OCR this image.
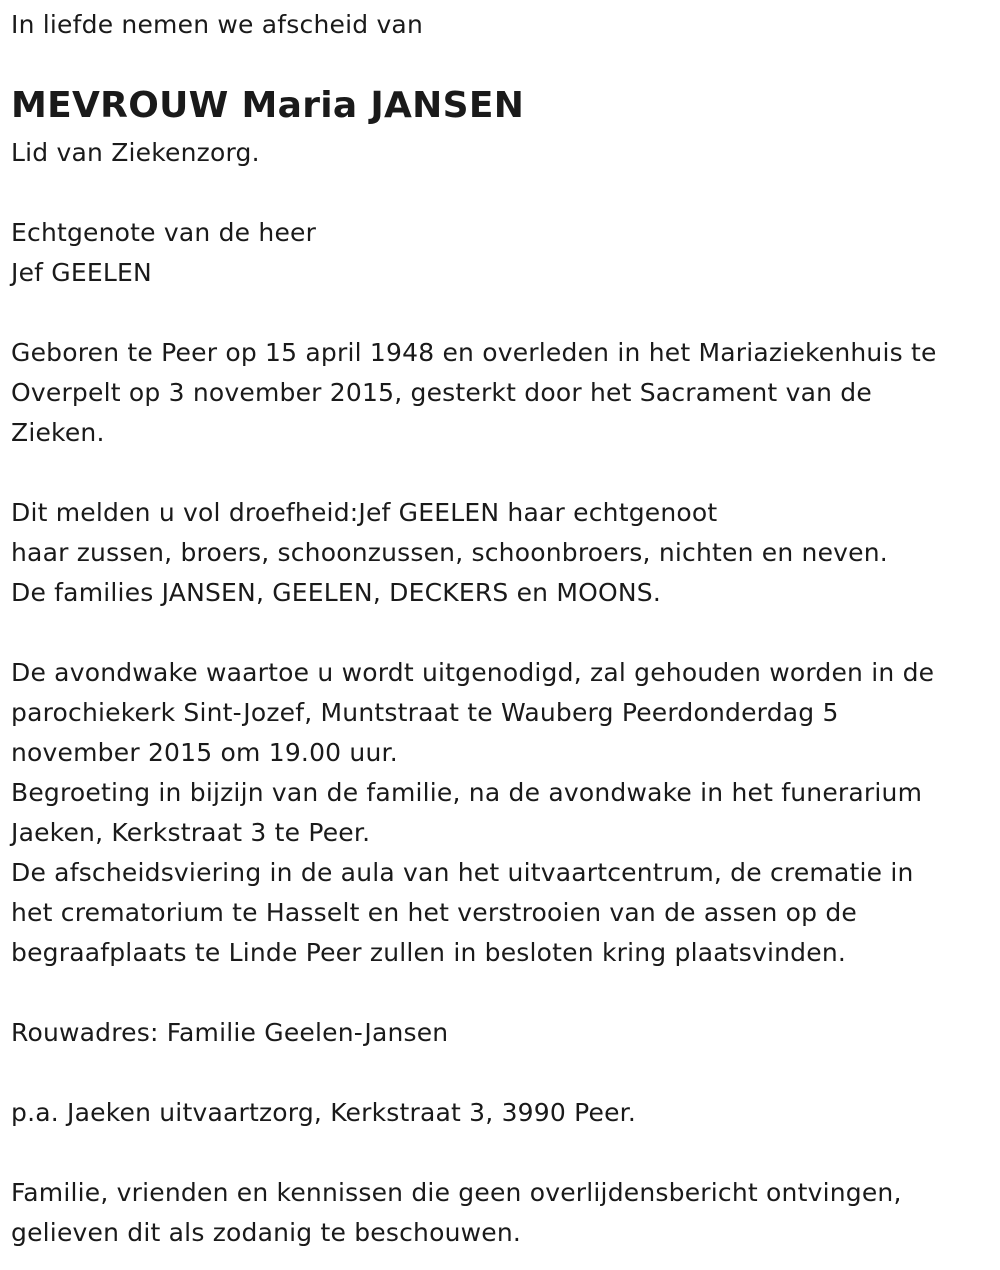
In liefde nemen we afscheid van
MEVROUW Maria JANSEN
Lid van Ziekenzorg.
Echtgenote van de heer
Jef GEELEN
Geboren te Peer op 15 april 1948 en overleden in het Mariaziekenhuis te
Overpelt op 3 november 2015, gesterkt door het Sacrament van de
Zieken.
Dit melden u vol droefheid:Jef GEELEN haar echtgenoot
haar zussen, broers, schoonzussen, schoonbroers, nichten en neven.
De families JANSEN, GEELEN, DECKERS en MOONS.
De avondwake waartoe u wordt uitgenodigd, zal gehouden worden in de
parochiekerk Sint-Jozef, Muntstraat te Wauberg Peerdonderdag 5
november 2015 om 19.00 uur.
Begroeting in bijzijn van de familie, na de avondwake in het funerarium
Jaeken, Kerkstraat 3 te Peer.
De afscheidsviering in de aula van het uitvaartcentrum, de crematie in
het crematorium te Hasselt en het verstrooien van de assen op de
begraafplaats te Linde Peer zullen in besloten kring plaatsvinden.
Rouwadres: Familie Geelen-Jansen
p.a. Jaeken uitvaartzorg, Kerkstraat 3, 3990 Peer.
Familie, vrienden en kennissen die geen overlijdensbericht ontvingen,
gelieven dit als zodanig te beschouwen.
